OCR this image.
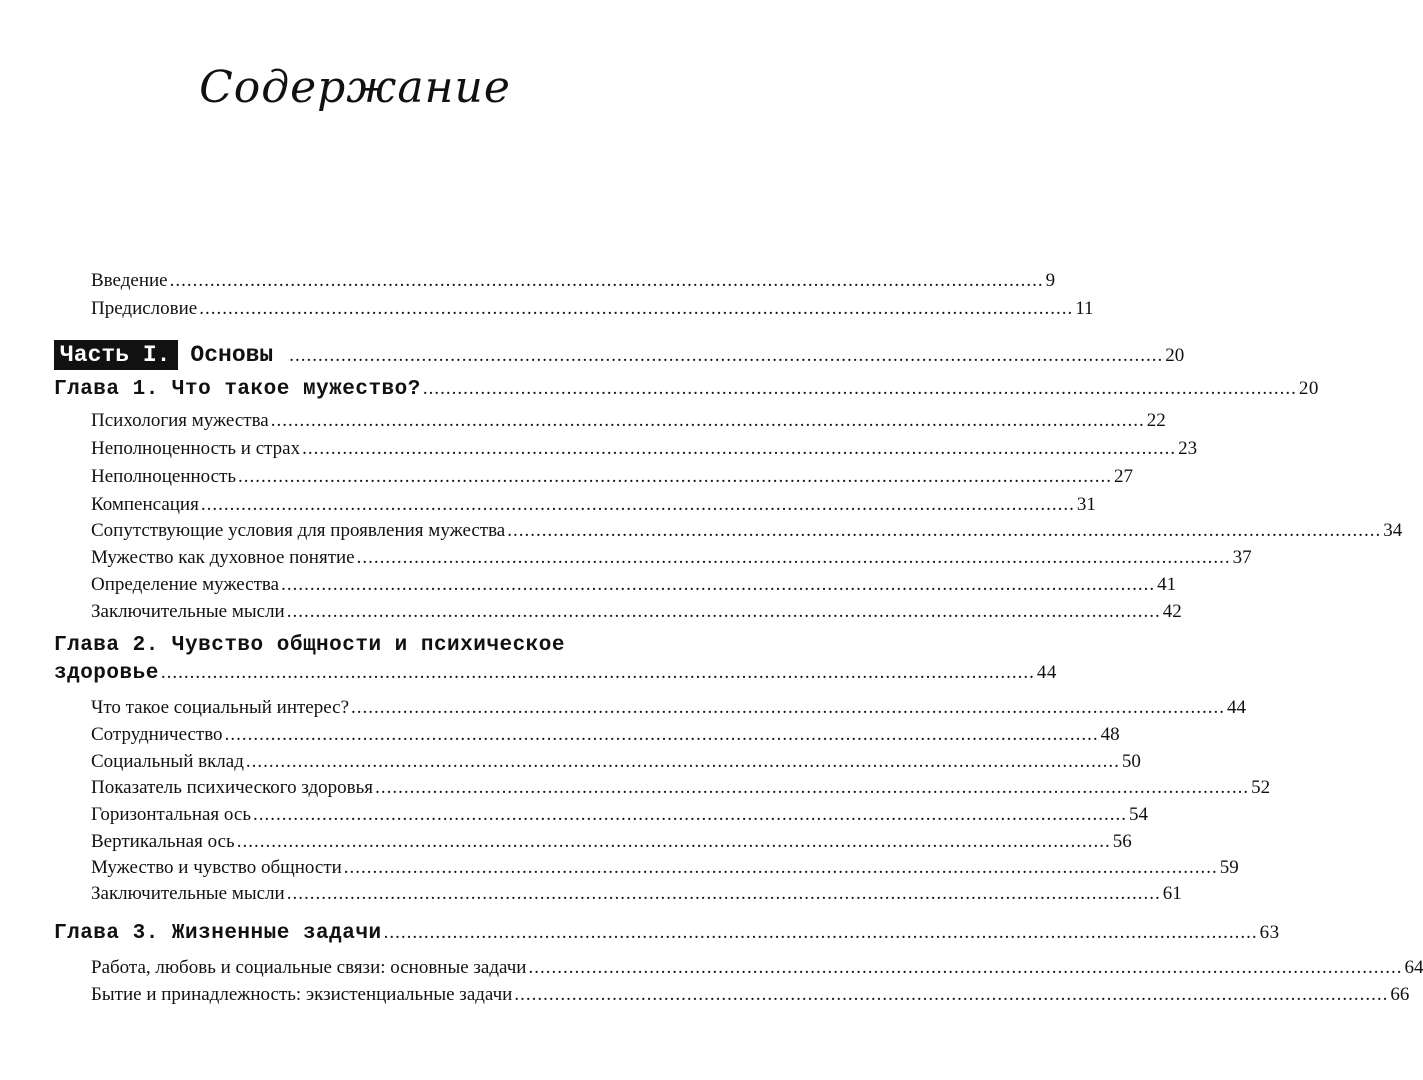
Содержание
Введение ........................................................................................................................................................ 9
Предисловие ........................................................................................................................................................ 11
Часть I. Основы ........................................................................................................................................................ 20
Глава 1. Что такое мужество? ........................................................................................................................................................ 20
Психология мужества ........................................................................................................................................................ 22
Неполноценность и страх ........................................................................................................................................................ 23
Неполноценность ........................................................................................................................................................ 27
Компенсация ........................................................................................................................................................ 31
Сопутствующие условия для проявления мужества ........................................................................................................................................................ 34
Мужество как духовное понятие ........................................................................................................................................................ 37
Определение мужества ........................................................................................................................................................ 41
Заключительные мысли ........................................................................................................................................................ 42
Глава 2. Чувство общности и психическое
здоровье ........................................................................................................................................................ 44
Что такое социальный интерес? ........................................................................................................................................................ 44
Сотрудничество ........................................................................................................................................................ 48
Социальный вклад ........................................................................................................................................................ 50
Показатель психического здоровья ........................................................................................................................................................ 52
Горизонтальная ось ........................................................................................................................................................ 54
Вертикальная ось ........................................................................................................................................................ 56
Мужество и чувство общности ........................................................................................................................................................ 59
Заключительные мысли ........................................................................................................................................................ 61
Глава 3. Жизненные задачи ........................................................................................................................................................ 63
Работа, любовь и социальные связи: основные задачи ........................................................................................................................................................ 64
Бытие и принадлежность: экзистенциальные задачи ........................................................................................................................................................ 66
